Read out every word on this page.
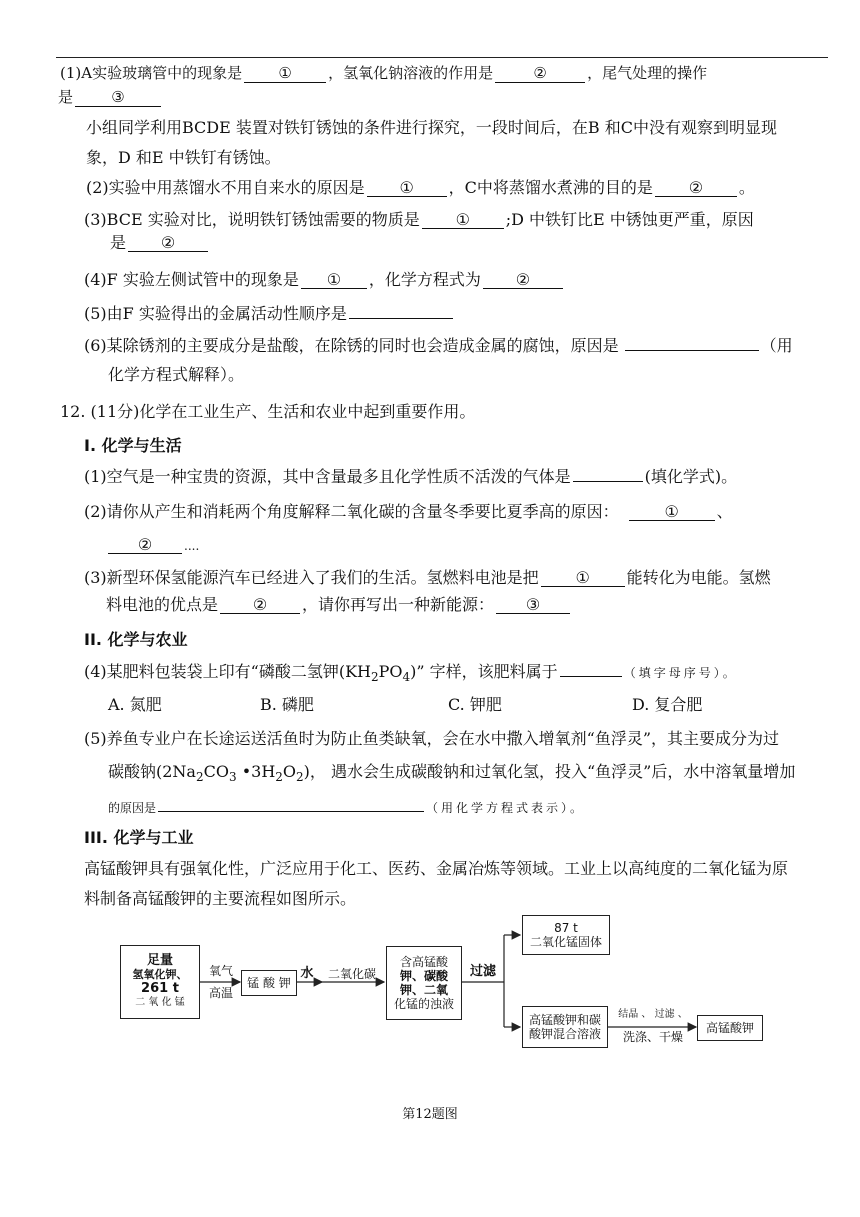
(1)A实验玻璃管中的现象是 ① ，氢氧化钠溶液的作用是	②	，尾气处理的操作
是	③
小组同学利用BCDE 装置对铁钉锈蚀的条件进行探究，一段时间后，在B 和C中没有观察到明显现
象，D 和E 中铁钉有锈蚀。
(2)实验中用蒸馏水不用自来水的原因是 ① ，C中将蒸馏水煮沸的目的是 ② 。
(3)BCE 实验对比，说明铁钉锈蚀需要的物质是 ① ;D 中铁钉比E 中锈蚀更严重，原因
是 ②
(4)F 实验左侧试管中的现象是 ① ，化学方程式为 ②
(5)由F 实验得出的金属活动性顺序是
(6)某除锈剂的主要成分是盐酸，在除锈的同时也会造成金属的腐蚀，原因是	（用
化学方程式解释）。
12. (11分)化学在工业生产、生活和农业中起到重要作用。
I. 化学与生活
(1)空气是一种宝贵的资源，其中含量最多且化学性质不活泼的气体是	(填化学式)。
(2)请你从产生和消耗两个角度解释二氧化碳的含量冬季要比夏季高的原因：	① 、
②	....
(3)新型环保氢能源汽车已经进入了我们的生活。氢燃料电池是把 ① 能转化为电能。氢燃
料电池的优点是 ② ，请你再写出一种新能源： ③
II. 化学与农业
(4)某肥料包装袋上印有“磷酸二氢钾$(KH_2PO_4)$” 字样，该肥料属于	（填字母序号）。
A. 氮肥	B. 磷肥	C. 钾肥	D. 复合肥
(5)养鱼专业户在长途运送活鱼时为防止鱼类缺氧，会在水中撒入增氧剂“鱼浮灵”，其主要成分为过
碳酸钠($2Na_2CO_3$ $•3H_2O_2$)， 遇水会生成碳酸钠和过氧化氢，投入“鱼浮灵”后，水中溶氧量增加
的原因是	（用化学方程式表示）。
III. 化学与工业
高锰酸钾具有强氧化性，广泛应用于化工、医药、金属冶炼等领域。工业上以高纯度的二氧化锰为原
料制备高锰酸钾的主要流程如图所示。
足量
氢氧化钾、
261 t
二 氧 化 锰
氧气
高温
锰 酸 钾
水	二氧化碳
含高锰酸
钾、碳酸
钾、二氧
化锰的浊液
过滤
87 t
二氧化锰固体
高锰酸钾和碳
酸钾混合溶液
结晶 、 过滤 、
洗涤、干燥
高锰酸钾
第12题图
